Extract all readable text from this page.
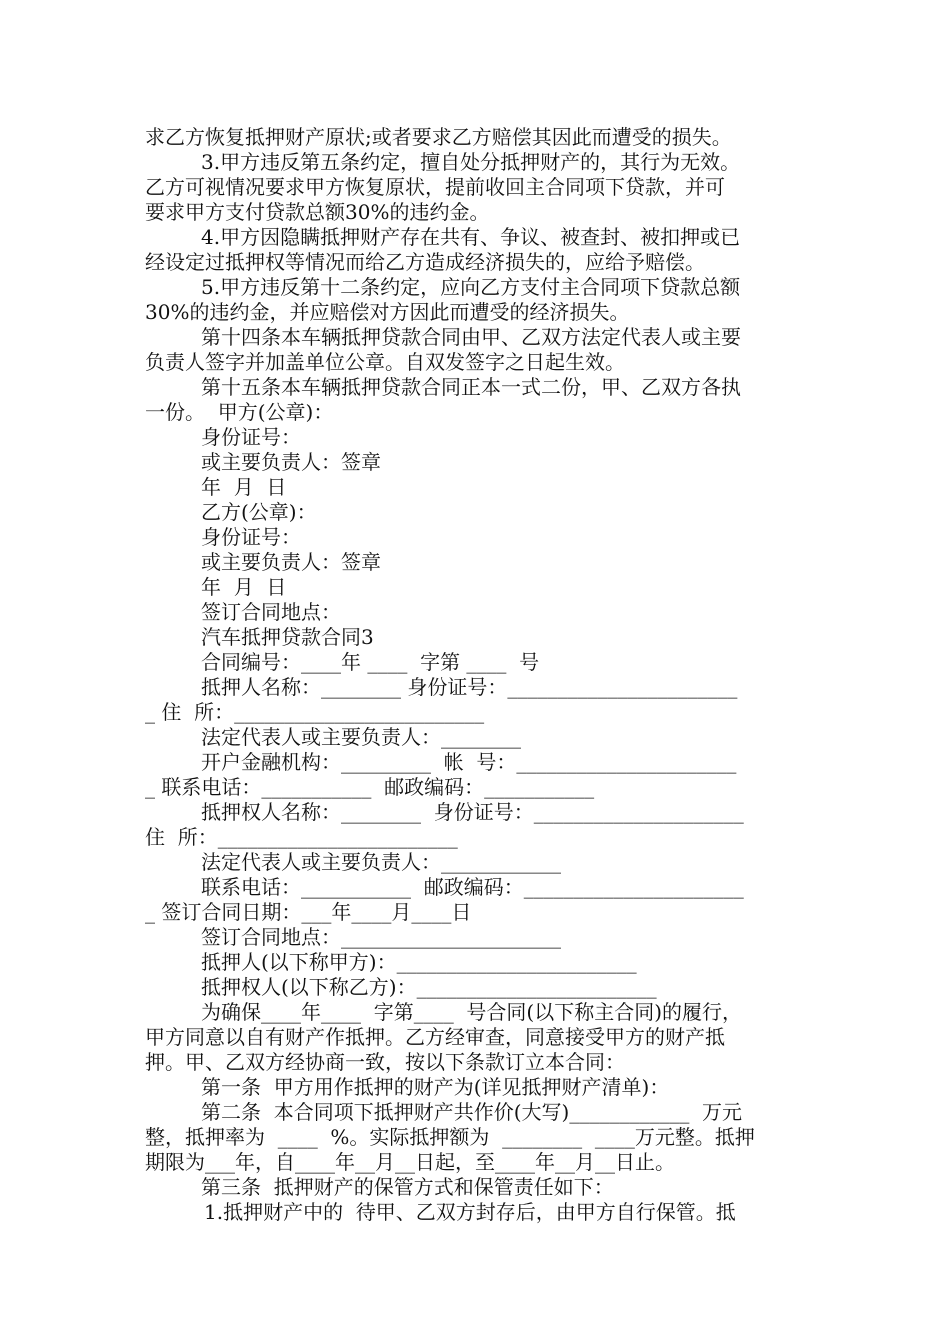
求乙方恢复抵押财产原状;或者要求乙方赔偿其因此而遭受的损失。
3.甲方违反第五条约定，擅自处分抵押财产的，其行为无效。
乙方可视情况要求甲方恢复原状，提前收回主合同项下贷款，并可
要求甲方支付贷款总额30%的违约金。
4.甲方因隐瞒抵押财产存在共有、争议、被查封、被扣押或已
经设定过抵押权等情况而给乙方造成经济损失的，应给予赔偿。
5.甲方违反第十二条约定，应向乙方支付主合同项下贷款总额
30%的违约金，并应赔偿对方因此而遭受的经济损失。
第十四条本车辆抵押贷款合同由甲、乙双方法定代表人或主要
负责人签字并加盖单位公章。自双发签字之日起生效。
第十五条本车辆抵押贷款合同正本一式二份，甲、乙双方各执
一份。  甲方(公章)：
身份证号：
或主要负责人：签章
年  月  日
乙方(公章)：
身份证号：
或主要负责人：签章
年  月  日
签订合同地点：
汽车抵押贷款合同3
合同编号：____年 ____  字第 ____  号
抵押人名称：________ 身份证号：_______________________
_ 住  所：_________________________
法定代表人或主要负责人：________
开户金融机构：_________  帐  号：______________________
_ 联系电话：___________  邮政编码：___________
抵押权人名称：________  身份证号：_____________________
住  所：________________________
法定代表人或主要负责人：____________
联系电话：___________  邮政编码：______________________
_ 签订合同日期：___年____月____日
签订合同地点：______________________
抵押人(以下称甲方)：________________________
抵押权人(以下称乙方)：________________________
为确保____年____  字第____  号合同(以下称主合同)的履行，
甲方同意以自有财产作抵押。乙方经审查，同意接受甲方的财产抵
押。甲、乙双方经协商一致，按以下条款订立本合同：
第一条  甲方用作抵押的财产为(详见抵押财产清单)：
第二条  本合同项下抵押财产共作价(大写)____________  万元
整，抵押率为  ____  %。实际抵押额为  ________  ____万元整。抵押
期限为___年，自____年__月__日起，至____年__月__日止。
第三条  抵押财产的保管方式和保管责任如下：
1.抵押财产中的  待甲、乙双方封存后，由甲方自行保管。抵
